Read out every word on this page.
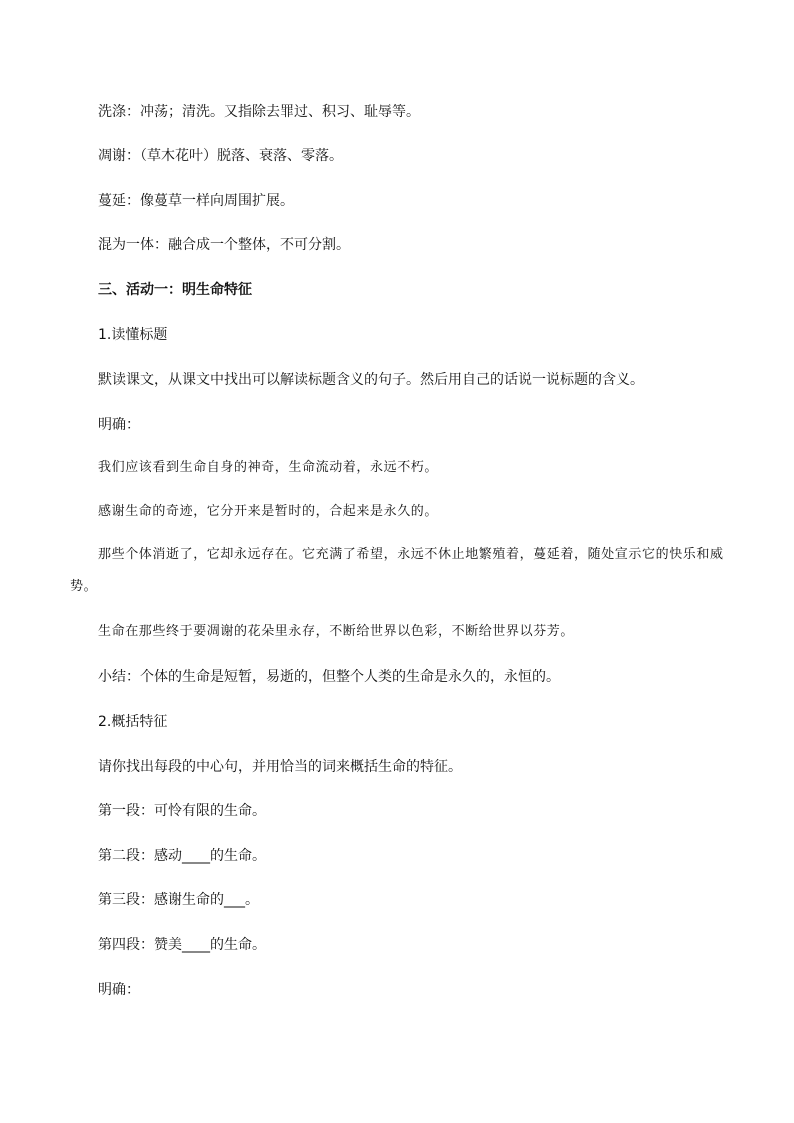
洗涤：冲荡；清洗。又指除去罪过、积习、耻辱等。
凋谢：（草木花叶）脱落、衰落、零落。
蔓延：像蔓草一样向周围扩展。
混为一体：融合成一个整体，不可分割。
三、活动一：明生命特征
1.读懂标题
默读课文，从课文中找出可以解读标题含义的句子。然后用自己的话说一说标题的含义。
明确：
我们应该看到生命自身的神奇，生命流动着，永远不朽。
感谢生命的奇迹，它分开来是暂时的，合起来是永久的。
那些个体消逝了，它却永远存在。它充满了希望，永远不休止地繁殖着，蔓延着，随处宣示它的快乐和威势。
生命在那些终于要凋谢的花朵里永存，不断给世界以色彩，不断给世界以芬芳。
小结：个体的生命是短暂，易逝的，但整个人类的生命是永久的，永恒的。
2.概括特征
请你找出每段的中心句，并用恰当的词来概括生命的特征。
第一段：可怜有限的生命。
第二段：感动____的生命。
第三段：感谢生命的___。
第四段：赞美____的生命。
明确：
